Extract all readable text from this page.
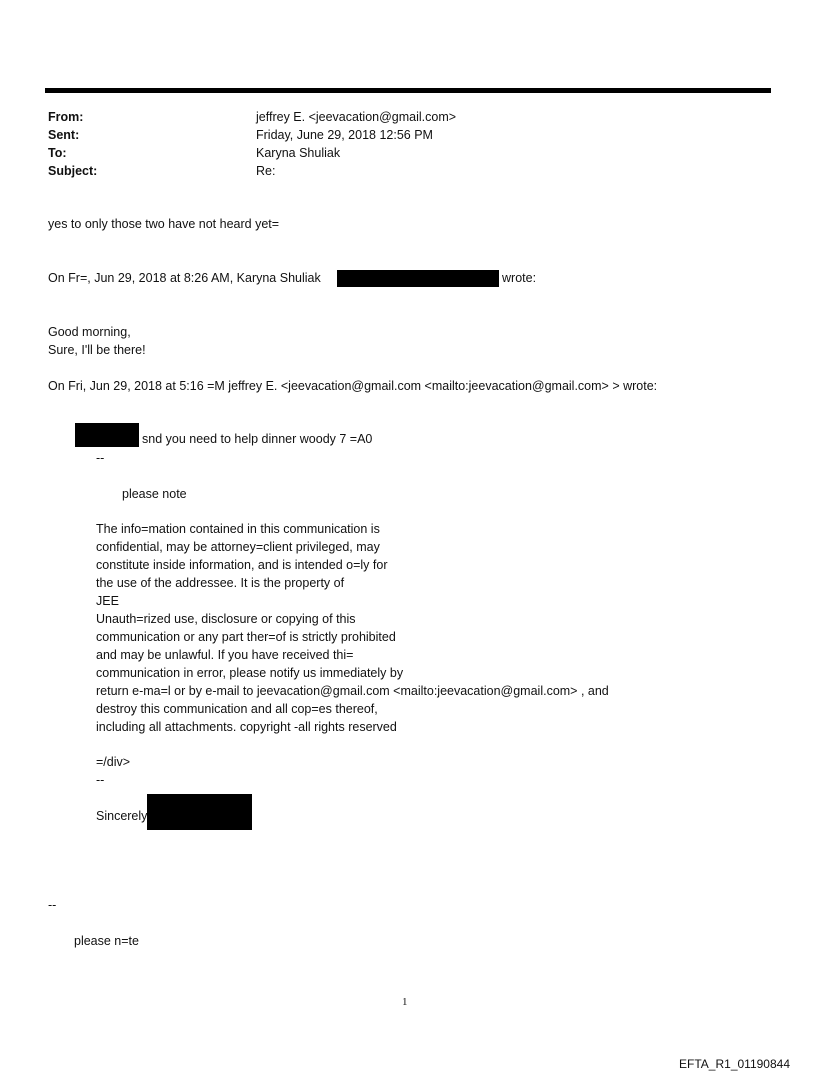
From:	jeffrey E. <jeevacation@gmail.com>
Sent:	Friday, June 29, 2018 12:56 PM
To:	Karyna Shuliak
Subject:	Re:
yes to only those two have not heard yet=
On Fr=, Jun 29, 2018 at 8:26 AM, Karyna Shuliak	wrote:
Good morning,
Sure, I'll be there!
On Fri, Jun 29, 2018 at 5:16 =M jeffrey E. <jeevacation@gmail.com <mailto:jeevacation@gmail.com> > wrote:
snd you need to help dinner woody 7 =A0
--
please note
The info=mation contained in this communication is
confidential, may be attorney=client privileged, may
constitute inside information, and is intended o=ly for
the use of the addressee. It is the property of
JEE
Unauth=rized use, disclosure or copying of this
communication or any part ther=of is strictly prohibited
and may be unlawful. If you have received thi=
communication in error, please notify us immediately by
return e-ma=l or by e-mail to jeevacation@gmail.com <mailto:jeevacation@gmail.com> , and
destroy this communication and all cop=es thereof,
including all attachments. copyright -all rights reserved
=/div>
--
Sincerely
--
please n=te
1
EFTA_R1_01190844
